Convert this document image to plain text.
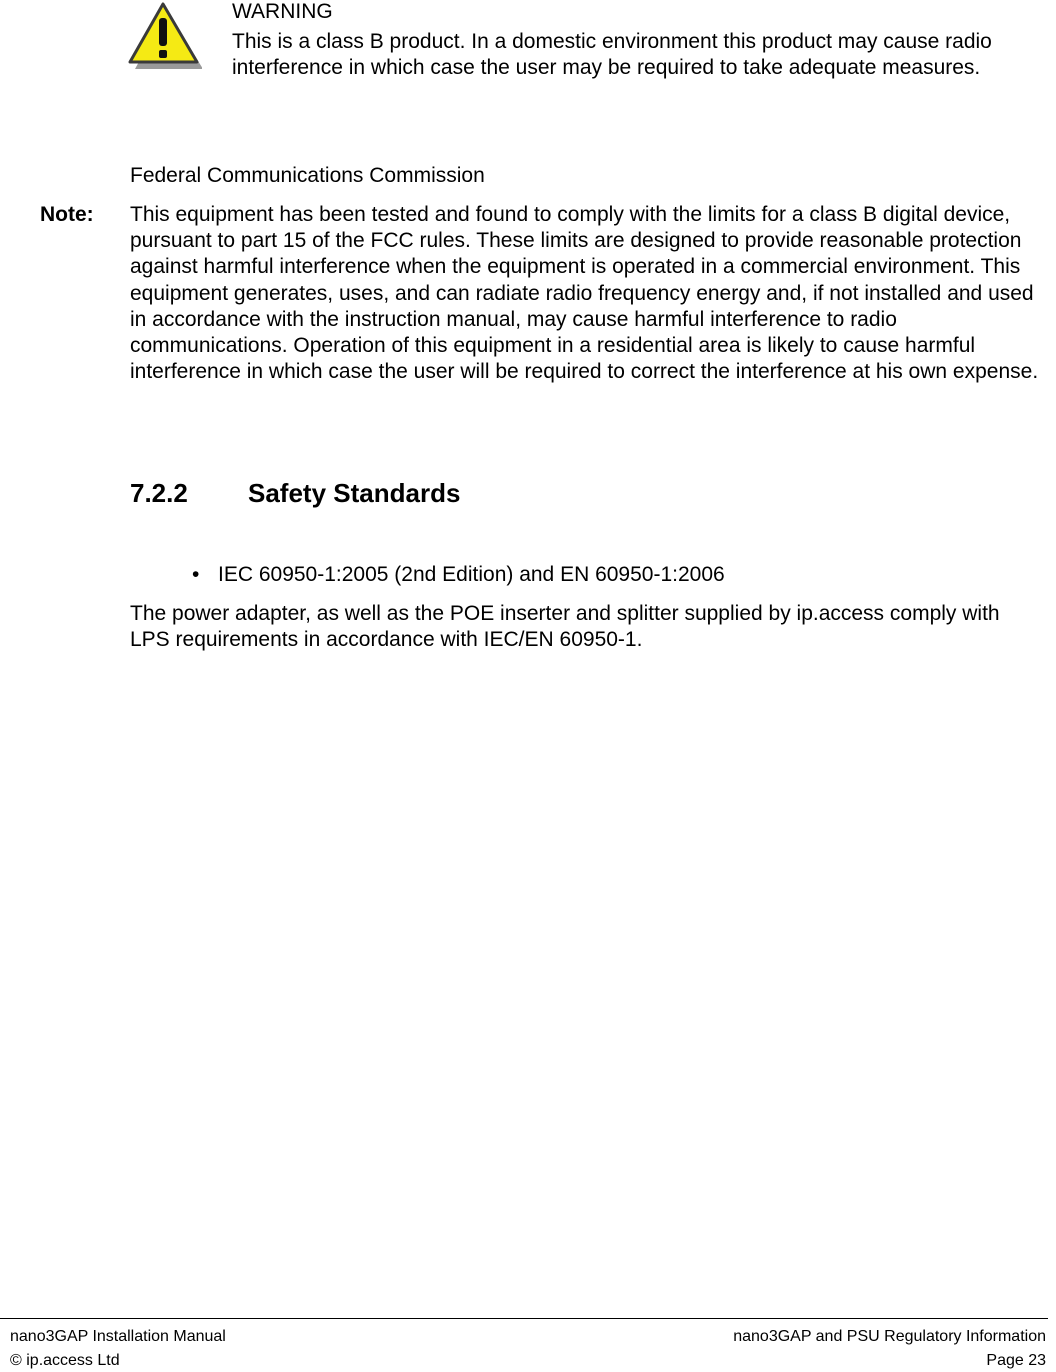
WARNING
This is a class B product. In a domestic environment this product may cause radio interference in which case the user may be required to take adequate measures.
Federal Communications Commission
Note: This equipment has been tested and found to comply with the limits for a class B digital device, pursuant to part 15 of the FCC rules. These limits are designed to provide reasonable protection against harmful interference when the equipment is operated in a commercial environment. This equipment generates, uses, and can radiate radio frequency energy and, if not installed and used in accordance with the instruction manual, may cause harmful interference to radio communications. Operation of this equipment in a residential area is likely to cause harmful interference in which case the user will be required to correct the interference at his own expense.
7.2.2 Safety Standards
• IEC 60950-1:2005 (2nd Edition) and EN 60950-1:2006
The power adapter, as well as the POE inserter and splitter supplied by ip.access comply with LPS requirements in accordance with IEC/EN 60950-1.
nano3GAP Installation Manual
© ip.access Ltd
nano3GAP and PSU Regulatory Information
Page 23
